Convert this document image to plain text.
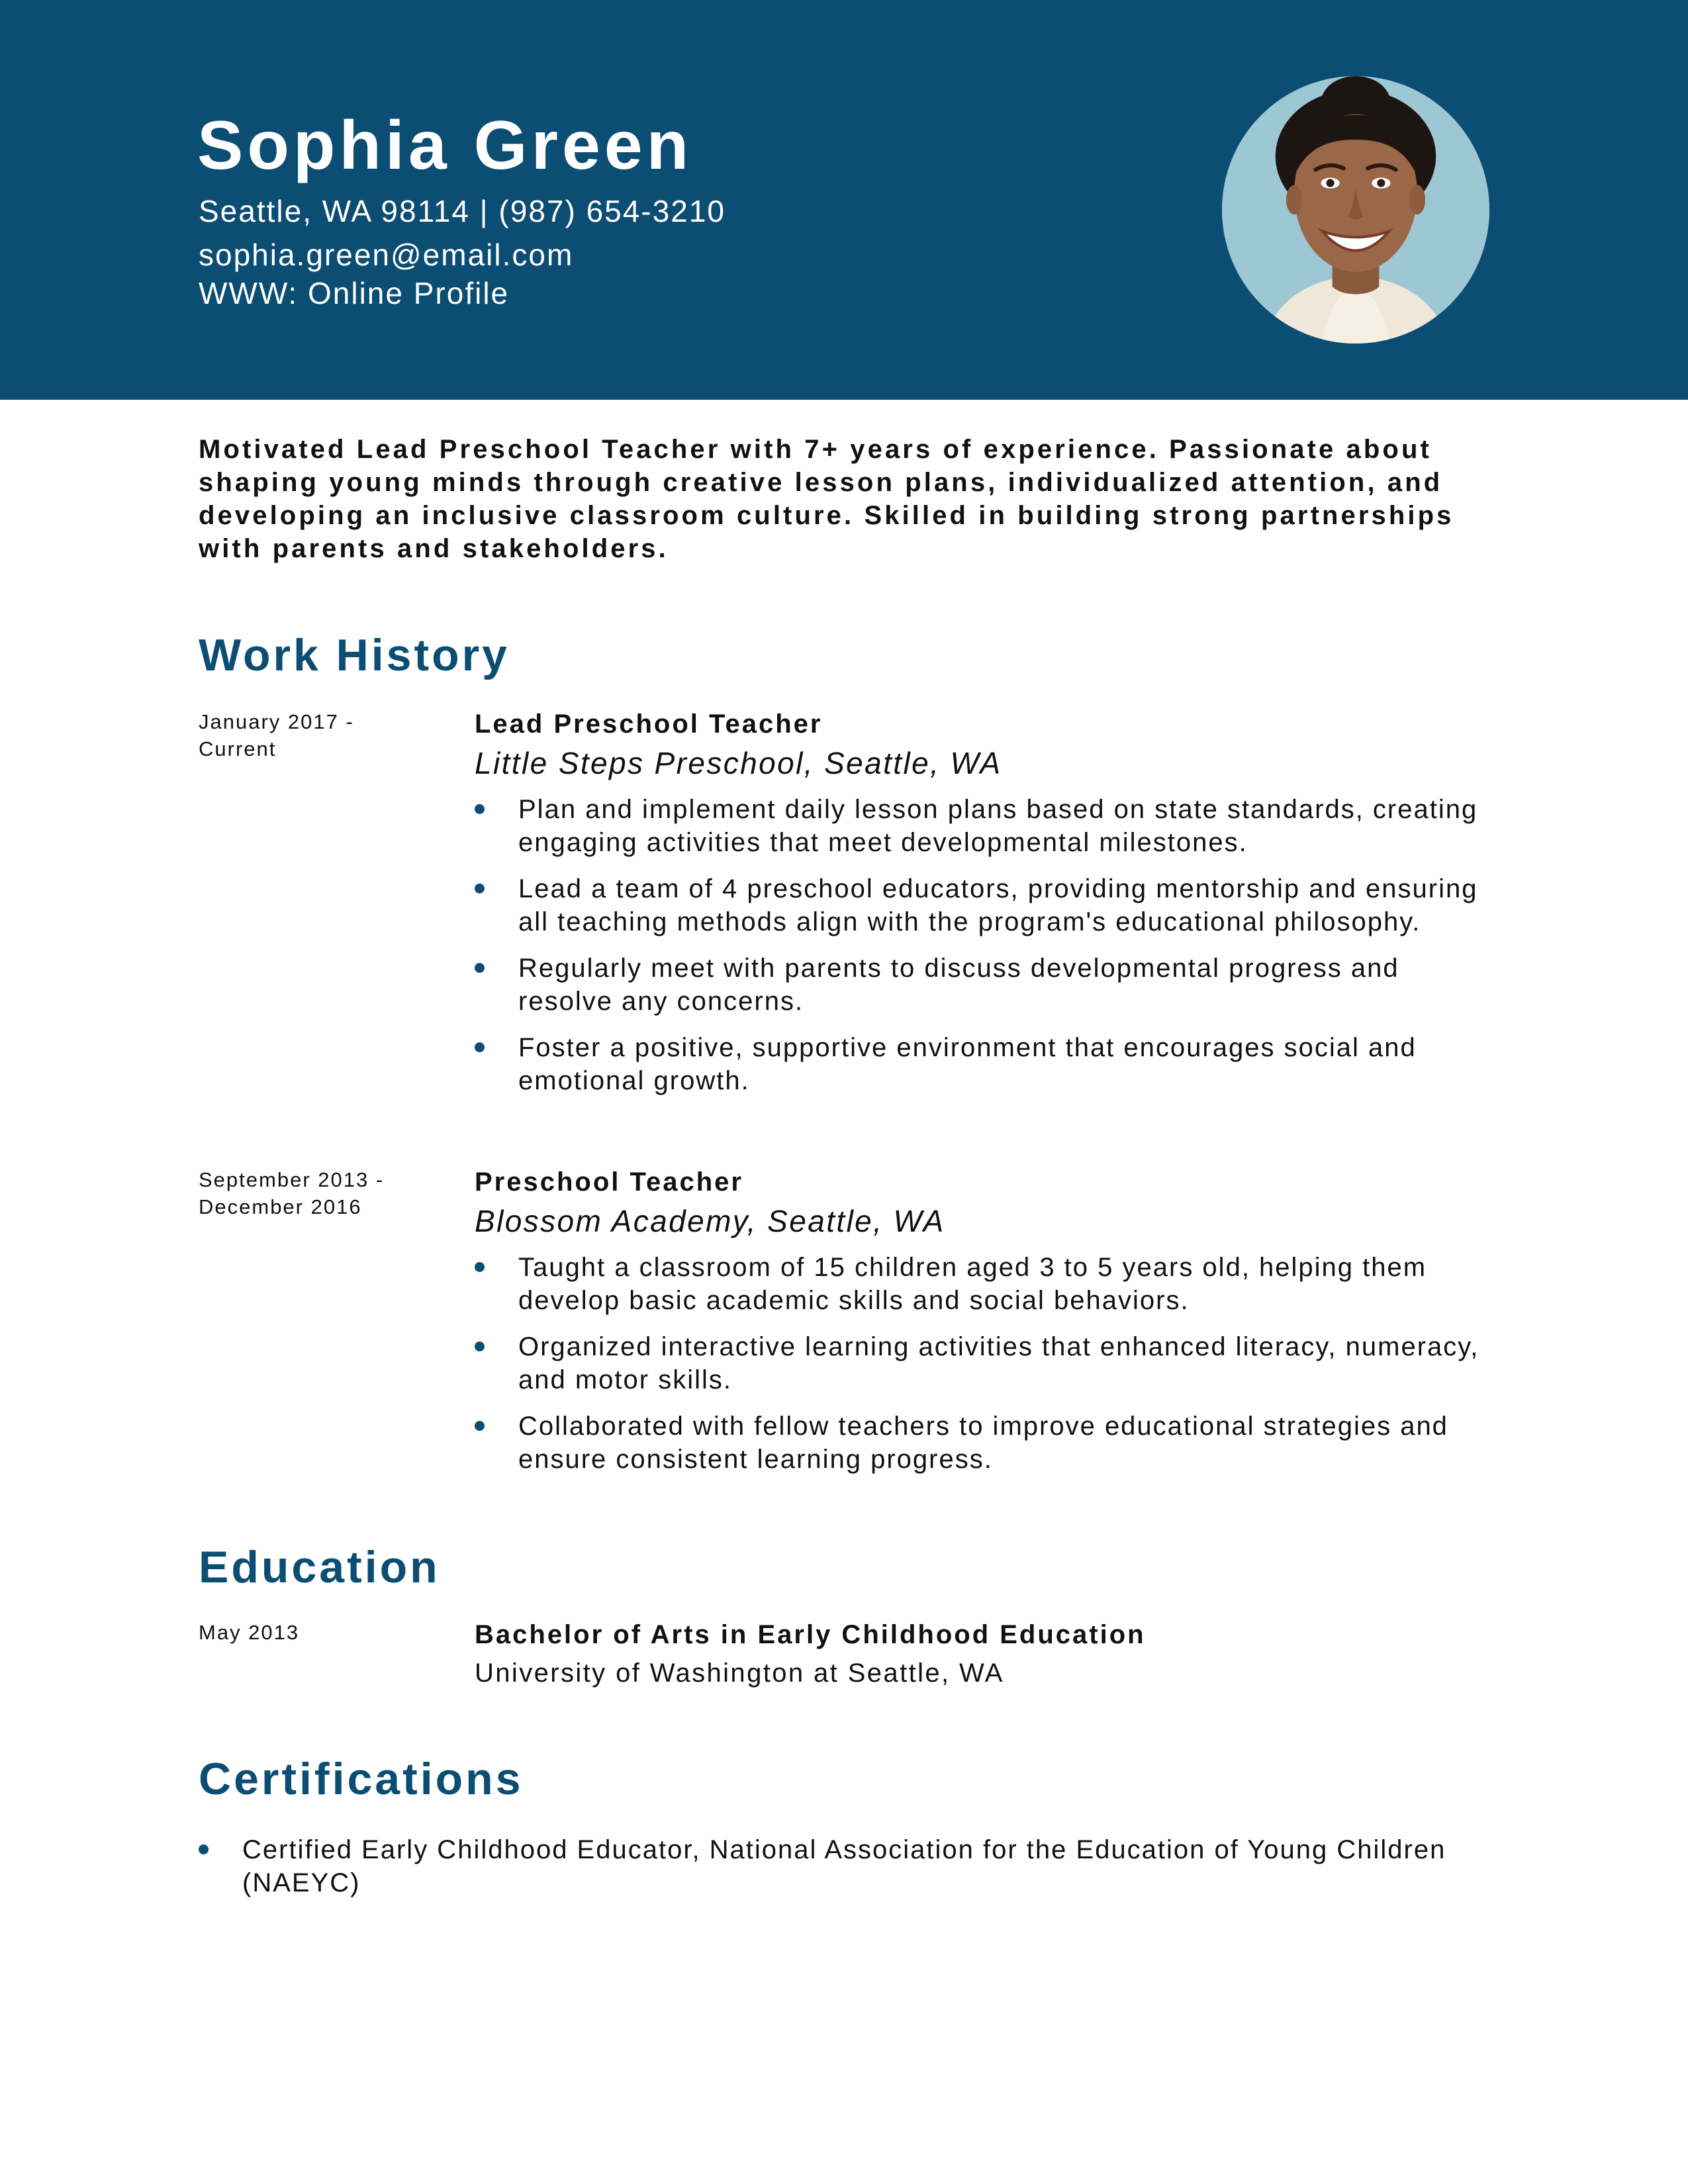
Sophia Green
Seattle, WA 98114 | (987) 654-3210
sophia.green@email.com
WWW: Online Profile

Motivated Lead Preschool Teacher with 7+ years of experience. Passionate about shaping young minds through creative lesson plans, individualized attention, and developing an inclusive classroom culture. Skilled in building strong partnerships with parents and stakeholders.

Work History
January 2017 -
Current
Lead Preschool Teacher
Little Steps Preschool, Seattle, WA
Plan and implement daily lesson plans based on state standards, creating engaging activities that meet developmental milestones.
Lead a team of 4 preschool educators, providing mentorship and ensuring all teaching methods align with the program's educational philosophy.
Regularly meet with parents to discuss developmental progress and resolve any concerns.
Foster a positive, supportive environment that encourages social and emotional growth.
September 2013 -
December 2016
Preschool Teacher
Blossom Academy, Seattle, WA
Taught a classroom of 15 children aged 3 to 5 years old, helping them develop basic academic skills and social behaviors.
Organized interactive learning activities that enhanced literacy, numeracy, and motor skills.
Collaborated with fellow teachers to improve educational strategies and ensure consistent learning progress.
Education
May 2013	Bachelor of Arts in Early Childhood Education
University of Washington at Seattle, WA
Certifications
Certified Early Childhood Educator, National Association for the Education of Young Children (NAEYC)
